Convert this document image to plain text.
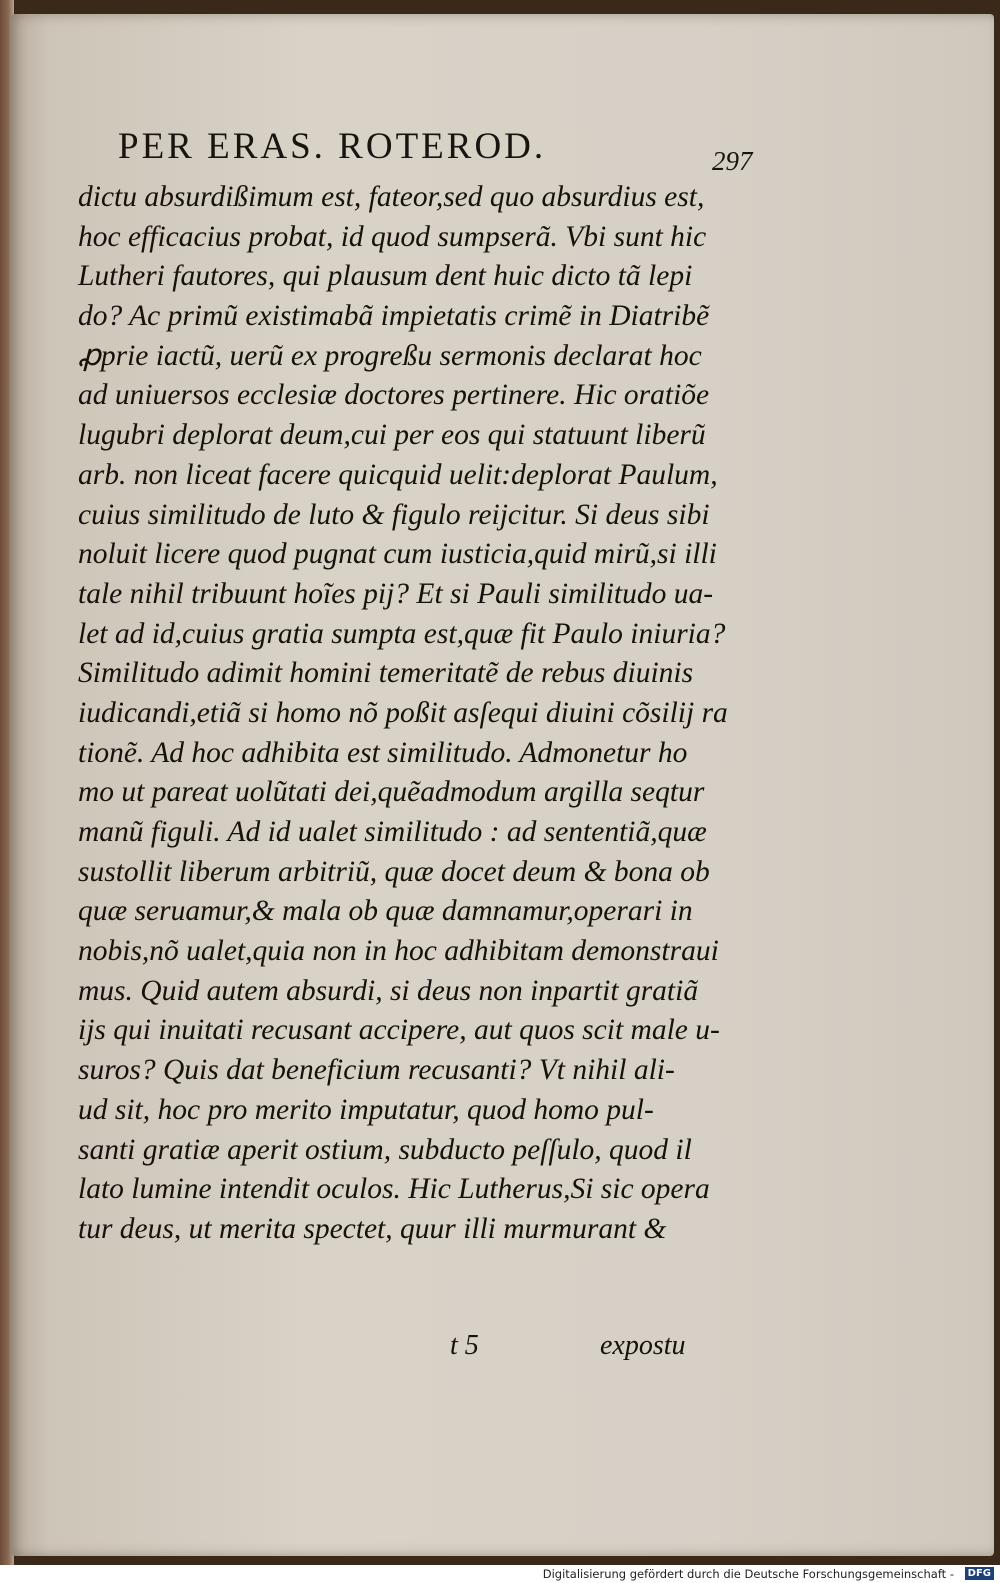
PER ERAS. ROTEROD.	297
dictu absurdißimum est, fateor,sed quo absurdius est,
hoc efficacius probat, id quod sumpserã. Vbi sunt hic
Lutheri fautores, qui plausum dent huic dicto tã lepi
do? Ac primũ existimabã impietatis crimẽ in Diatribẽ
ꝓprie iactũ, uerũ ex progreßu sermonis declarat hoc
ad uniuersos ecclesiæ doctores pertinere. Hic oratiõe
lugubri deplorat deum,cui per eos qui statuunt liberũ
arb. non liceat facere quicquid uelit:deplorat Paulum,
cuius similitudo de luto & figulo reijcitur. Si deus sibi
noluit licere quod pugnat cum iusticia,quid mirũ,si illi
tale nihil tribuunt hoĩes pij? Et si Pauli similitudo ua-
let ad id,cuius gratia sumpta est,quæ fit Paulo iniuria?
Similitudo adimit homini temeritatẽ de rebus diuinis
iudicandi,etiã si homo nõ poßit asſequi diuini cõsilij ra
tionẽ. Ad hoc adhibita est similitudo. Admonetur ho
mo ut pareat uolũtati dei,quẽadmodum argilla seqtur
manũ figuli. Ad id ualet similitudo : ad sententiã,quæ
sustollit liberum arbitriũ, quæ docet deum & bona ob
quæ seruamur,& mala ob quæ damnamur,operari in
nobis,nõ ualet,quia non in hoc adhibitam demonstraui
mus. Quid autem absurdi, si deus non inpartit gratiã
ijs qui inuitati recusant accipere, aut quos scit male u-
suros? Quis dat beneficium recusanti? Vt nihil ali-
ud sit, hoc pro merito imputatur, quod homo pul-
santi gratiæ aperit ostium, subducto peſſulo, quod il
lato lumine intendit oculos. Hic Lutherus,Si sic opera
tur deus, ut merita spectet, quur illi murmurant &
t 5	expostu
Digitalisierung gefördert durch die Deutsche Forschungsgemeinschaft -	DFG
